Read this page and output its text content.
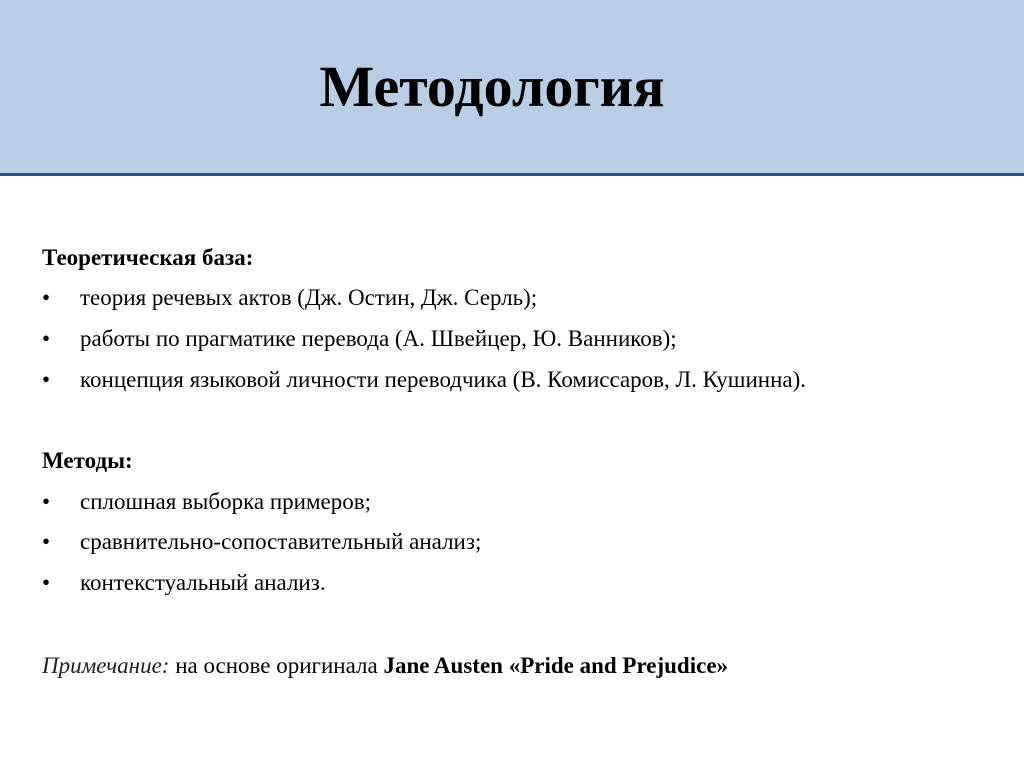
Методология
Теоретическая база:
• теория речевых актов (Дж. Остин, Дж. Серль);
• работы по прагматике перевода (А. Швейцер, Ю. Ванников);
• концепция языковой личности переводчика (В. Комиссаров, Л. Кушинна).
Методы:
• сплошная выборка примеров;
• сравнительно-сопоставительный анализ;
• контекстуальный анализ.
Примечание: на основе оригинала Jane Austen «Pride and Prejudice»
